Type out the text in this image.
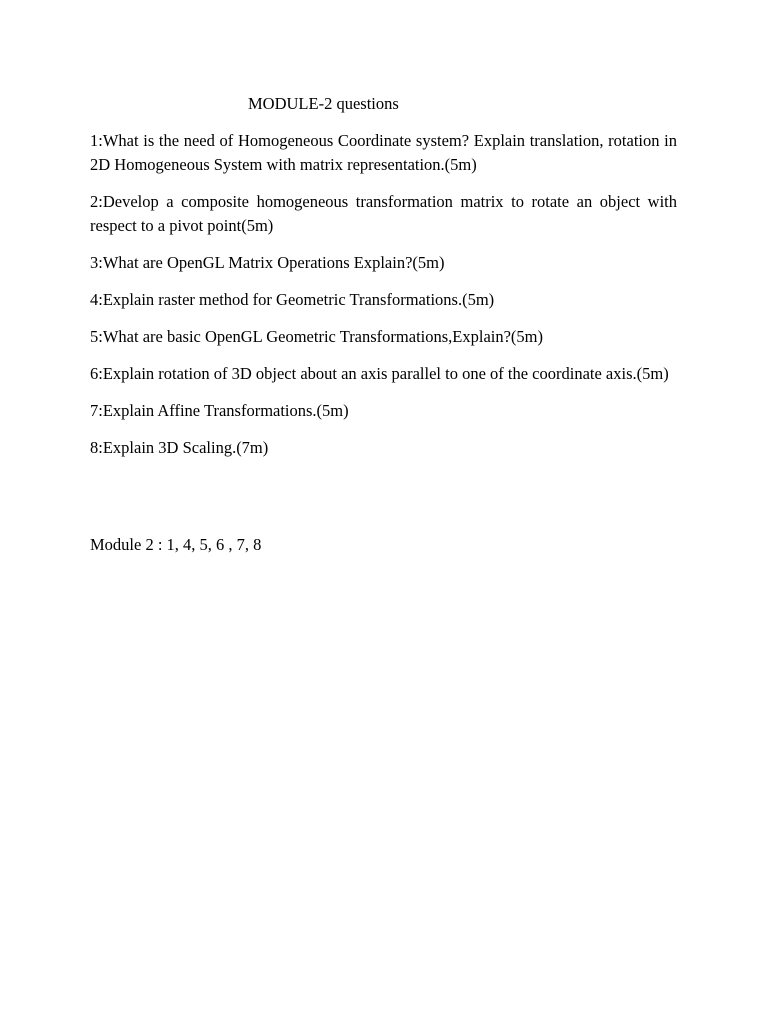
MODULE-2 questions

1:What is the need of Homogeneous Coordinate system? Explain translation, rotation in 2D Homogeneous System with matrix representation.(5m)

2:Develop a composite homogeneous transformation matrix to rotate an object with respect to a pivot point(5m)

3:What are OpenGL Matrix Operations Explain?(5m)

4:Explain raster method for Geometric Transformations.(5m)

5:What are basic OpenGL Geometric Transformations,Explain?(5m)

6:Explain rotation of 3D object about an axis parallel to one of the coordinate axis.(5m)

7:Explain Affine Transformations.(5m)

8:Explain 3D Scaling.(7m)

Module 2 : 1, 4, 5, 6 , 7, 8
